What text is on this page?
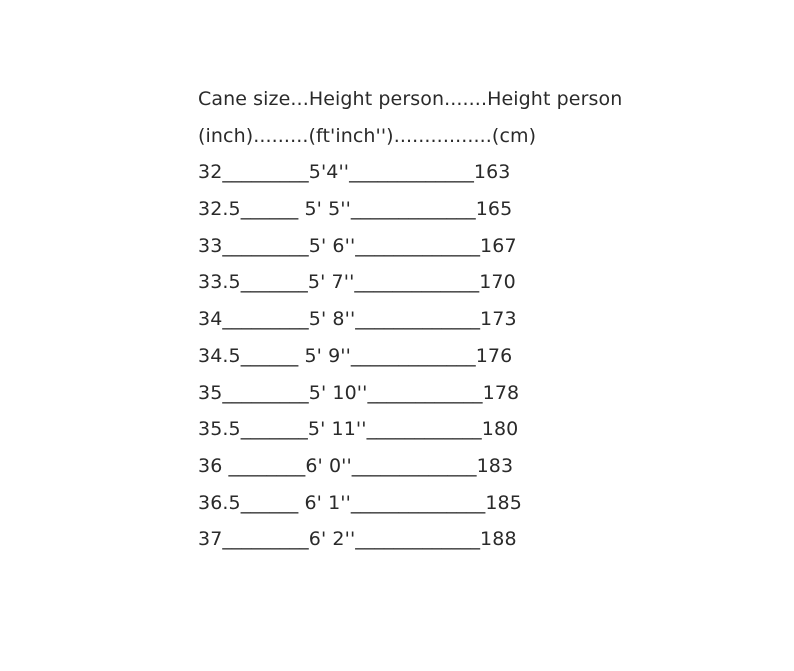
Cane size...Height person.......Height person
(inch).........(ft'inch'')................(cm)
32_________5'4''_____________163
32.5______ 5' 5''_____________165
33_________5' 6''_____________167
33.5_______5' 7''_____________170
34_________5' 8''_____________173
34.5______ 5' 9''_____________176
35_________5' 10''____________178
35.5_______5' 11''____________180
36 ________6' 0''_____________183
36.5______ 6' 1''______________185
37_________6' 2''_____________188
